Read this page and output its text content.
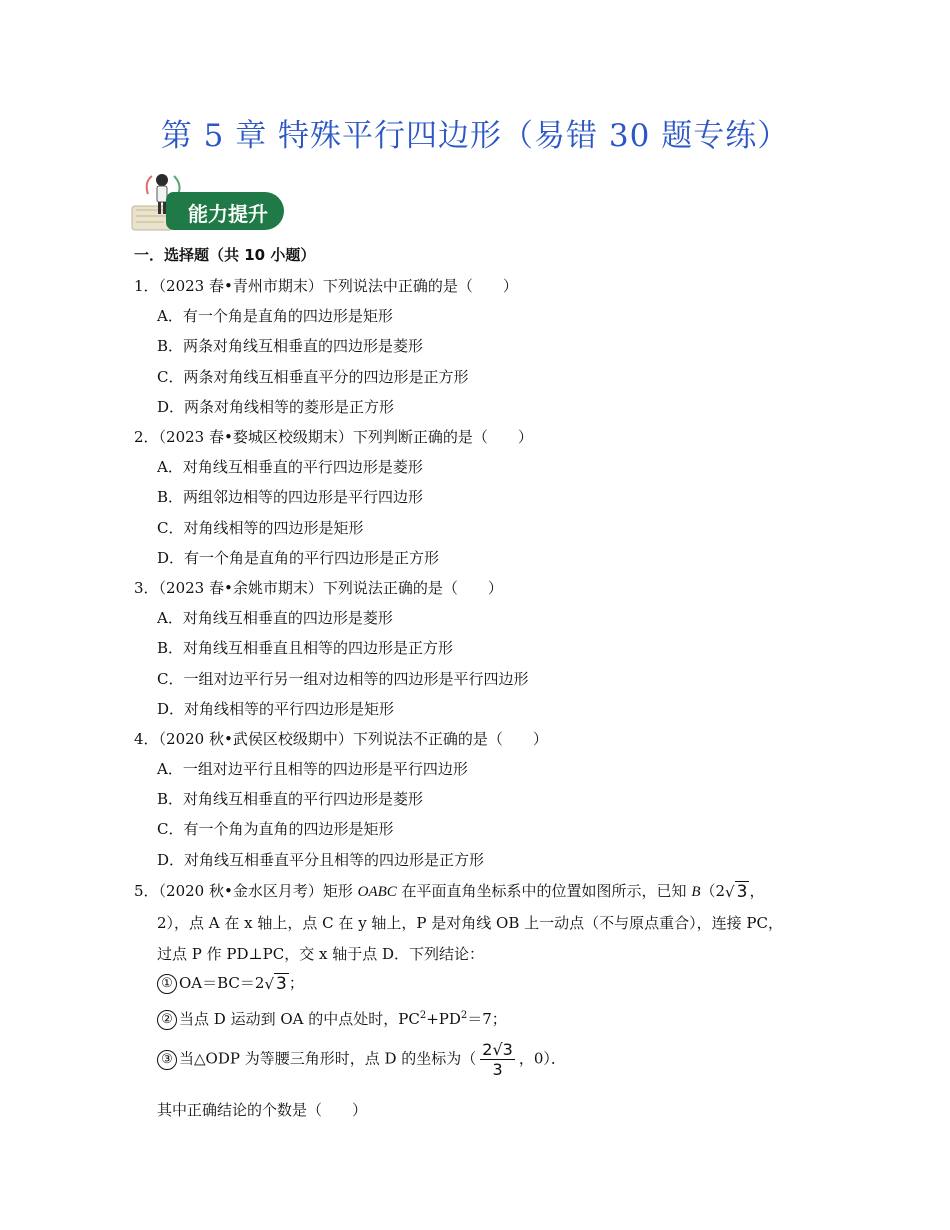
第 5 章 特殊平行四边形（易错 30 题专练）
能力提升
一．选择题（共 10 小题）
1．（2023 春•青州市期末）下列说法中正确的是（　　）
A．有一个角是直角的四边形是矩形
B．两条对角线互相垂直的四边形是菱形
C．两条对角线互相垂直平分的四边形是正方形
D．两条对角线相等的菱形是正方形
2．（2023 春•婺城区校级期末）下列判断正确的是（　　）
A．对角线互相垂直的平行四边形是菱形
B．两组邻边相等的四边形是平行四边形
C．对角线相等的四边形是矩形
D．有一个角是直角的平行四边形是正方形
3．（2023 春•余姚市期末）下列说法正确的是（　　）
A．对角线互相垂直的四边形是菱形
B．对角线互相垂直且相等的四边形是正方形
C．一组对边平行另一组对边相等的四边形是平行四边形
D．对角线相等的平行四边形是矩形
4．（2020 秋•武侯区校级期中）下列说法不正确的是（　　）
A．一组对边平行且相等的四边形是平行四边形
B．对角线互相垂直的平行四边形是菱形
C．有一个角为直角的四边形是矩形
D．对角线互相垂直平分且相等的四边形是正方形
5．（2020 秋•金水区月考）矩形 OABC 在平面直角坐标系中的位置如图所示，已知 B（2√ 3 ，
2），点 A 在 x 轴上，点 C 在 y 轴上，P 是对角线 OB 上一动点（不与原点重合），连接 PC，
过点 P 作 PD⊥PC，交 x 轴于点 D．下列结论：
① OA＝BC＝2√ 3 ；
② 当点 D 运动到 OA 的中点处时，$PC^2+PD^2=7$；
③ 当△ODP 为等腰三角形时，点 D 的坐标为（ $\frac{2√3}{3}$ ，0）．
其中正确结论的个数是（　　）
